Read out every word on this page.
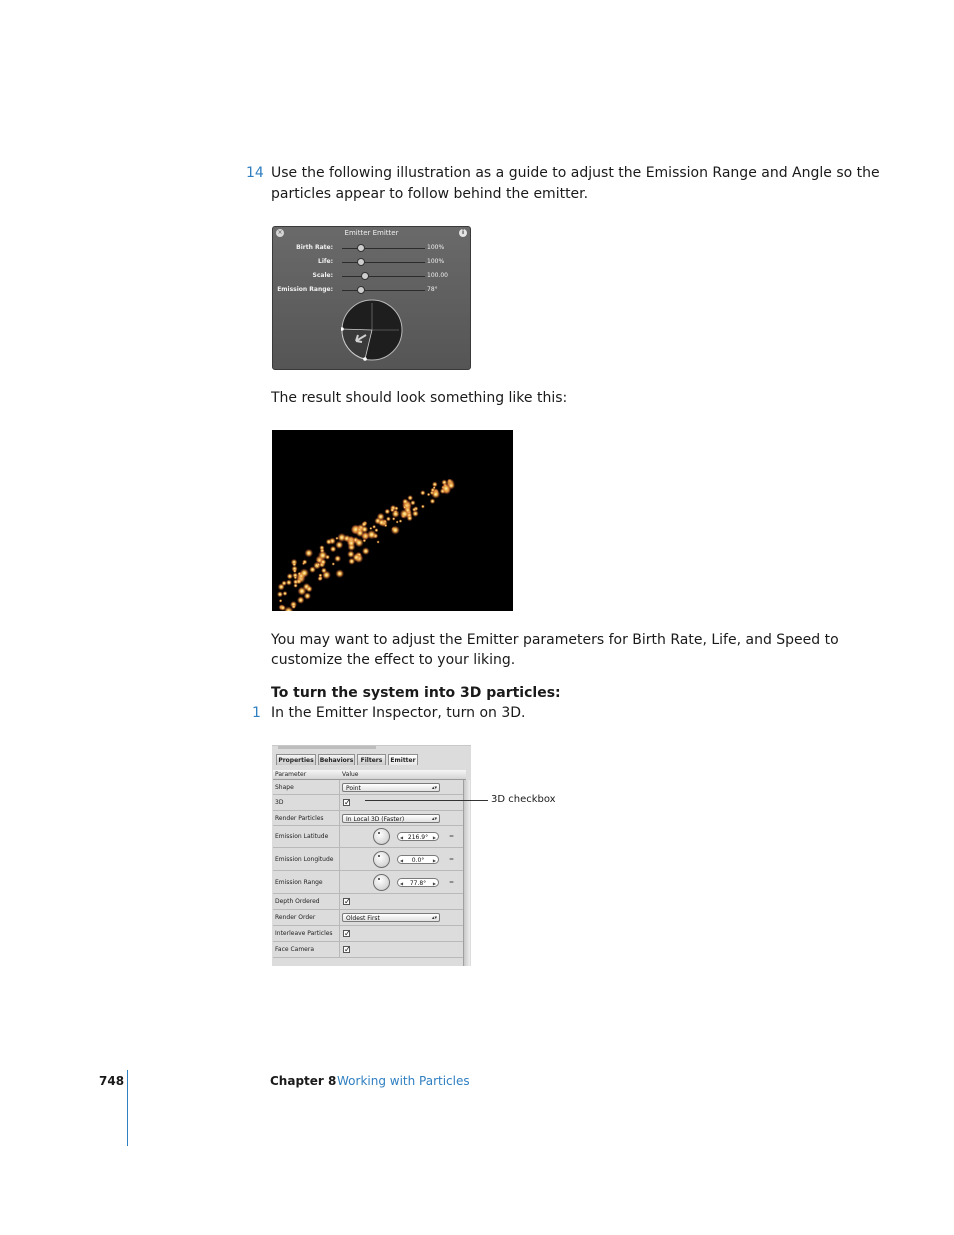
14 Use the following illustration as a guide to adjust the Emission Range and Angle so the
particles appear to follow behind the emitter.
×	Emitter Emitter	i
Birth Rate:	100%
Life:	100%
Scale:	100.00
Emission Range:	78°
The result should look something like this:
You may want to adjust the Emitter parameters for Birth Rate, Life, and Speed to
customize the effect to your liking.
To turn the system into 3D particles:
1 In the Emitter Inspector, turn on 3D.
Properties	Behaviors	Filters	Emitter
Parameter	Value
Shape	Point	▴▾
3D	✓
Render Particles	In Local 3D (Faster)	▴▾
Emission Latitude	◀ 216.9° ▶ =
Emission Longitude	◀ 0.0° ▶ =
Emission Range	◀ 77.8° ▶ =
Depth Ordered	✓
Render Order	Oldest First	▴▾
Interleave Particles	✓
Face Camera	✓
3D checkbox
748	Chapter 8 Working with Particles
